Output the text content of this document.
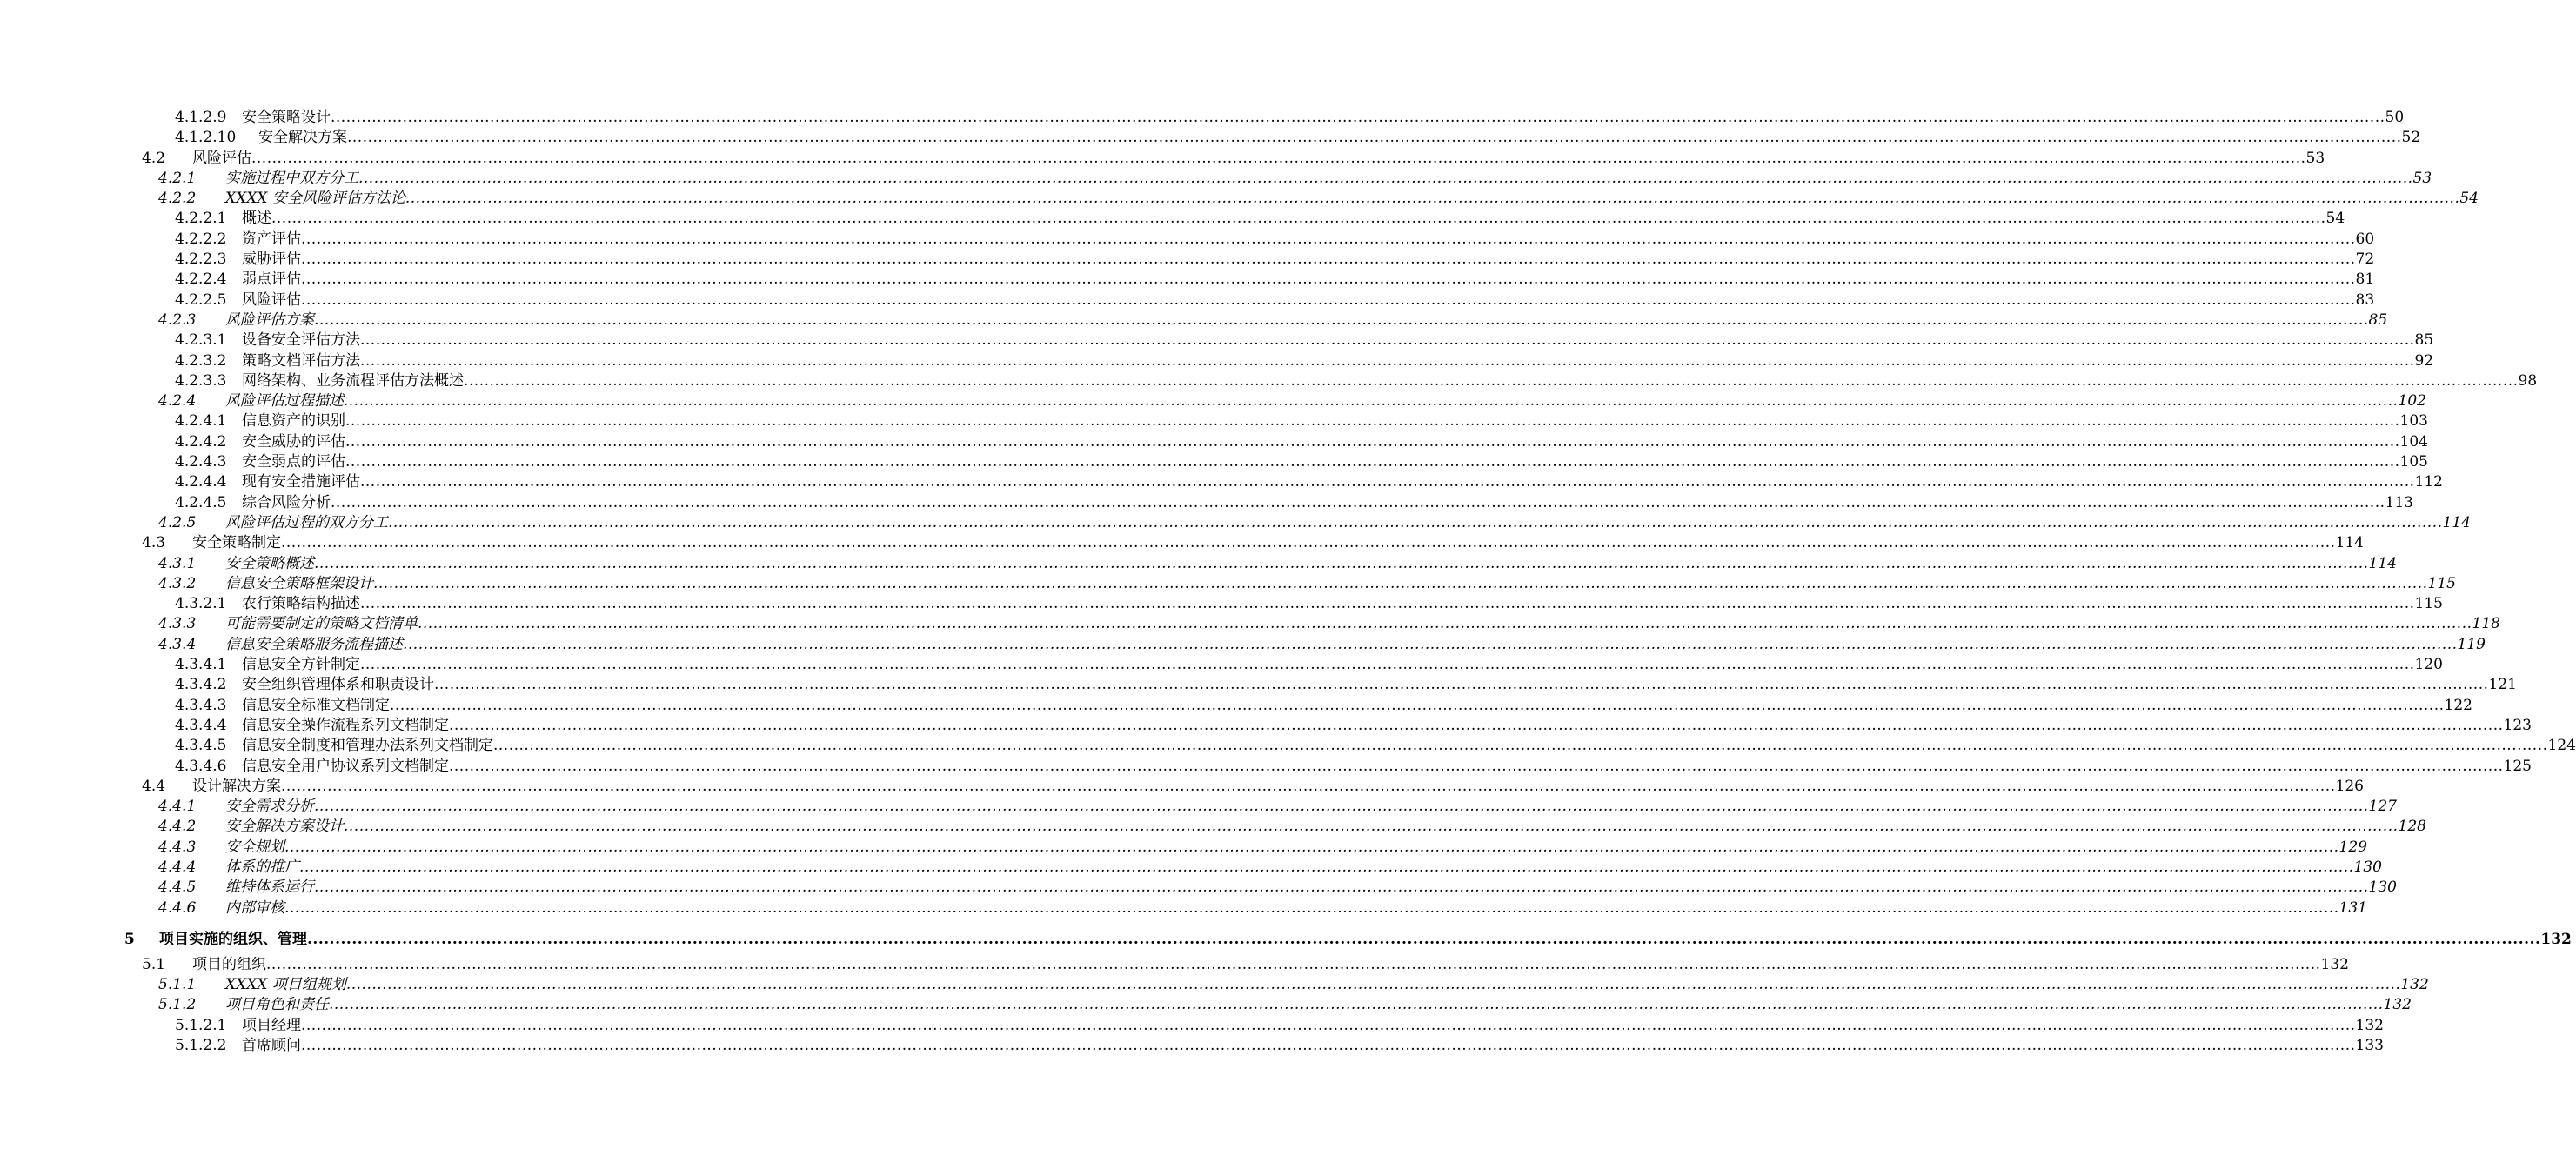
4.1.2.9 安全策略设计 ................................................................................................................................................................................................................................................................................................................................................................................................................ 50
4.1.2.10 安全解决方案 ................................................................................................................................................................................................................................................................................................................................................................................................................ 52
4.2 风险评估 ................................................................................................................................................................................................................................................................................................................................................................................................................ 53
4.2.1 实施过程中双方分工 ................................................................................................................................................................................................................................................................................................................................................................................................................ 53
4.2.2 XXXX 安全风险评估方法论 ................................................................................................................................................................................................................................................................................................................................................................................................................ 54
4.2.2.1 概述 ................................................................................................................................................................................................................................................................................................................................................................................................................ 54
4.2.2.2 资产评估 ................................................................................................................................................................................................................................................................................................................................................................................................................ 60
4.2.2.3 威胁评估 ................................................................................................................................................................................................................................................................................................................................................................................................................ 72
4.2.2.4 弱点评估 ................................................................................................................................................................................................................................................................................................................................................................................................................ 81
4.2.2.5 风险评估 ................................................................................................................................................................................................................................................................................................................................................................................................................ 83
4.2.3 风险评估方案 ................................................................................................................................................................................................................................................................................................................................................................................................................ 85
4.2.3.1 设备安全评估方法 ................................................................................................................................................................................................................................................................................................................................................................................................................ 85
4.2.3.2 策略文档评估方法 ................................................................................................................................................................................................................................................................................................................................................................................................................ 92
4.2.3.3 网络架构、业务流程评估方法概述 ................................................................................................................................................................................................................................................................................................................................................................................................................ 98
4.2.4 风险评估过程描述 ................................................................................................................................................................................................................................................................................................................................................................................................................ 102
4.2.4.1 信息资产的识别 ................................................................................................................................................................................................................................................................................................................................................................................................................ 103
4.2.4.2 安全威胁的评估 ................................................................................................................................................................................................................................................................................................................................................................................................................ 104
4.2.4.3 安全弱点的评估 ................................................................................................................................................................................................................................................................................................................................................................................................................ 105
4.2.4.4 现有安全措施评估 ................................................................................................................................................................................................................................................................................................................................................................................................................ 112
4.2.4.5 综合风险分析 ................................................................................................................................................................................................................................................................................................................................................................................................................ 113
4.2.5 风险评估过程的双方分工 ................................................................................................................................................................................................................................................................................................................................................................................................................ 114
4.3 安全策略制定 ................................................................................................................................................................................................................................................................................................................................................................................................................ 114
4.3.1 安全策略概述 ................................................................................................................................................................................................................................................................................................................................................................................................................ 114
4.3.2 信息安全策略框架设计 ................................................................................................................................................................................................................................................................................................................................................................................................................ 115
4.3.2.1 农行策略结构描述 ................................................................................................................................................................................................................................................................................................................................................................................................................ 115
4.3.3 可能需要制定的策略文档清单 ................................................................................................................................................................................................................................................................................................................................................................................................................ 118
4.3.4 信息安全策略服务流程描述 ................................................................................................................................................................................................................................................................................................................................................................................................................ 119
4.3.4.1 信息安全方针制定 ................................................................................................................................................................................................................................................................................................................................................................................................................ 120
4.3.4.2 安全组织管理体系和职责设计 ................................................................................................................................................................................................................................................................................................................................................................................................................ 121
4.3.4.3 信息安全标准文档制定 ................................................................................................................................................................................................................................................................................................................................................................................................................ 122
4.3.4.4 信息安全操作流程系列文档制定 ................................................................................................................................................................................................................................................................................................................................................................................................................ 123
4.3.4.5 信息安全制度和管理办法系列文档制定 ................................................................................................................................................................................................................................................................................................................................................................................................................ 124
4.3.4.6 信息安全用户协议系列文档制定 ................................................................................................................................................................................................................................................................................................................................................................................................................ 125
4.4 设计解决方案 ................................................................................................................................................................................................................................................................................................................................................................................................................ 126
4.4.1 安全需求分析 ................................................................................................................................................................................................................................................................................................................................................................................................................ 127
4.4.2 安全解决方案设计 ................................................................................................................................................................................................................................................................................................................................................................................................................ 128
4.4.3 安全规划 ................................................................................................................................................................................................................................................................................................................................................................................................................ 129
4.4.4 体系的推广 ................................................................................................................................................................................................................................................................................................................................................................................................................ 130
4.4.5 维持体系运行 ................................................................................................................................................................................................................................................................................................................................................................................................................ 130
4.4.6 内部审核 ................................................................................................................................................................................................................................................................................................................................................................................................................ 131
5 项目实施的组织、管理 ................................................................................................................................................................................................................................................................................................................................................................................................................ 132
5.1 项目的组织 ................................................................................................................................................................................................................................................................................................................................................................................................................ 132
5.1.1 XXXX 项目组规划 ................................................................................................................................................................................................................................................................................................................................................................................................................ 132
5.1.2 项目角色和责任 ................................................................................................................................................................................................................................................................................................................................................................................................................ 132
5.1.2.1 项目经理 ................................................................................................................................................................................................................................................................................................................................................................................................................ 132
5.1.2.2 首席顾问 ................................................................................................................................................................................................................................................................................................................................................................................................................ 133
